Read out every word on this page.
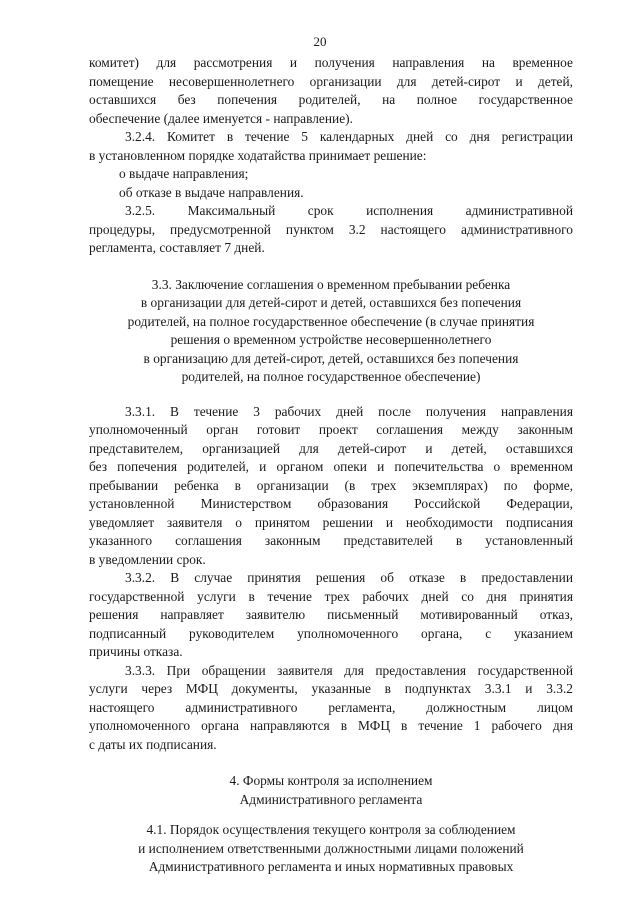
20
комитет) для рассмотрения и получения направления на временное
помещение несовершеннолетнего организации для детей-сирот и детей,
оставшихся без попечения родителей, на полное государственное
обеспечение (далее именуется - направление).
3.2.4. Комитет в течение 5 календарных дней со дня регистрации
в установленном порядке ходатайства принимает решение:
о выдаче направления;
об отказе в выдаче направления.
3.2.5. Максимальный срок исполнения административной
процедуры, предусмотренной пунктом 3.2 настоящего административного
регламента, составляет 7 дней.
3.3. Заключение соглашения о временном пребывании ребенка
в организации для детей-сирот и детей, оставшихся без попечения
родителей, на полное государственное обеспечение (в случае принятия
решения о временном устройстве несовершеннолетнего
в организацию для детей-сирот, детей, оставшихся без попечения
родителей, на полное государственное обеспечение)
3.3.1. В течение 3 рабочих дней после получения направления
уполномоченный орган готовит проект соглашения между законным
представителем, организацией для детей-сирот и детей, оставшихся
без попечения родителей, и органом опеки и попечительства о временном
пребывании ребенка в организации (в трех экземплярах) по форме,
установленной Министерством образования Российской Федерации,
уведомляет заявителя о принятом решении и необходимости подписания
указанного соглашения законным представителей в установленный
в уведомлении срок.
3.3.2. В случае принятия решения об отказе в предоставлении
государственной услуги в течение трех рабочих дней со дня принятия
решения направляет заявителю письменный мотивированный отказ,
подписанный руководителем уполномоченного органа, с указанием
причины отказа.
3.3.3. При обращении заявителя для предоставления государственной
услуги через МФЦ документы, указанные в подпунктах 3.3.1 и 3.3.2
настоящего административного регламента, должностным лицом
уполномоченного органа направляются в МФЦ в течение 1 рабочего дня
с даты их подписания.
4. Формы контроля за исполнением
Административного регламента
4.1. Порядок осуществления текущего контроля за соблюдением
и исполнением ответственными должностными лицами положений
Административного регламента и иных нормативных правовых
